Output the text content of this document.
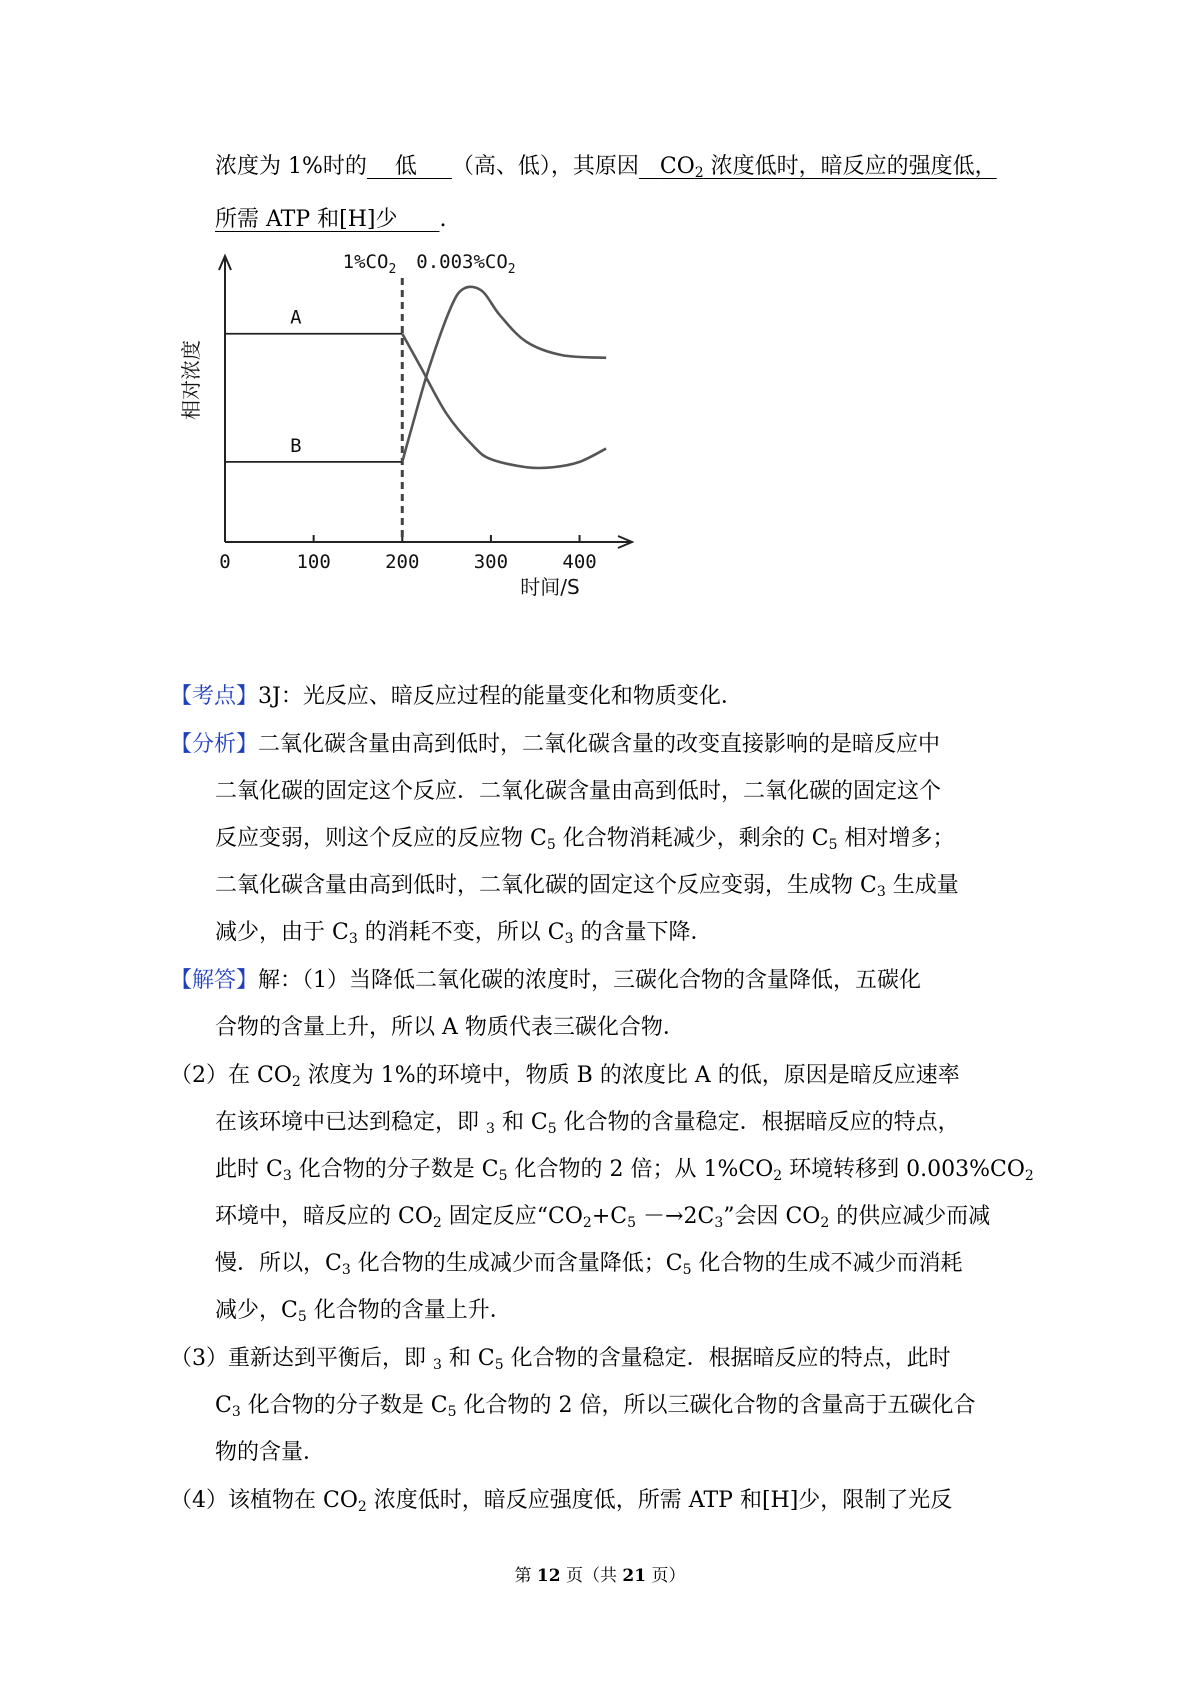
浓度为 1%时的 低 （高、低），其原因 $CO_2$ 浓度低时，暗反应的强度低，
所需 ATP 和[H]少 .
0	100	200	300	400
时间/S
相对浓度
$1\%CO_2$ $0.003\%CO_2$
A
B
【考点】3J：光反应、暗反应过程的能量变化和物质变化．
【分析】二氧化碳含量由高到低时，二氧化碳含量的改变直接影响的是暗反应中
二氧化碳的固定这个反应．二氧化碳含量由高到低时，二氧化碳的固定这个
反应变弱，则这个反应的反应物 $C_5$ 化合物消耗减少，剩余的 $C_5$ 相对增多；
二氧化碳含量由高到低时，二氧化碳的固定这个反应变弱，生成物 $C_3$ 生成量
减少，由于 $C_3$ 的消耗不变，所以 $C_3$ 的含量下降．
【解答】解：（1）当降低二氧化碳的浓度时，三碳化合物的含量降低，五碳化
合物的含量上升，所以 A 物质代表三碳化合物．
（2）在 $CO_2$ 浓度为 1%的环境中，物质 B 的浓度比 A 的低，原因是暗反应速率
在该环境中已达到稳定，即 $_3$ 和 $C_5$ 化合物的含量稳定．根据暗反应的特点，
此时 $C_3$ 化合物的分子数是 $C_5$ 化合物的 2 倍；从 $1\%CO_2$ 环境转移到 $0.003\%CO_2$
环境中，暗反应的 $CO_2$ 固定反应“$CO_2+C_5 -\to 2C_3$”会因 $CO_2$ 的供应减少而减
慢．所以，$C_3$ 化合物的生成减少而含量降低；$C_5$ 化合物的生成不减少而消耗
减少，$C_5$ 化合物的含量上升．
（3）重新达到平衡后，即 $_3$ 和 $C_5$ 化合物的含量稳定．根据暗反应的特点，此时
$C_3$ 化合物的分子数是 $C_5$ 化合物的 2 倍，所以三碳化合物的含量高于五碳化合
物的含量．
（4）该植物在 $CO_2$ 浓度低时，暗反应强度低，所需 ATP 和[H]少，限制了光反
第 12 页（共 21 页）
